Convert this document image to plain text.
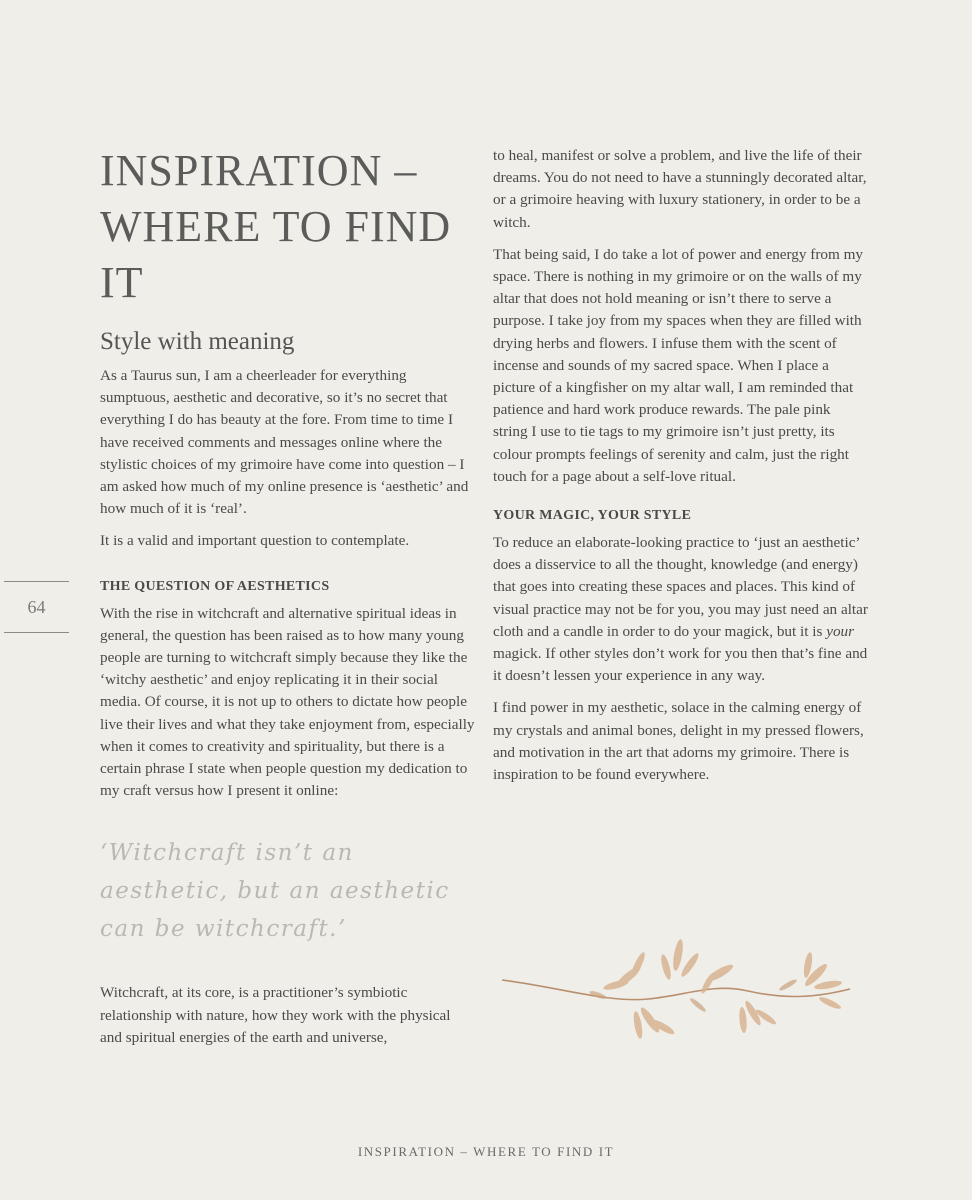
64
INSPIRATION – WHERE TO FIND IT
Style with meaning

As a Taurus sun, I am a cheerleader for everything sumptuous, aesthetic and decorative, so it’s no secret that everything I do has beauty at the fore. From time to time I have received comments and messages online where the stylistic choices of my grimoire have come into question – I am asked how much of my online presence is ‘aesthetic’ and how much of it is ‘real’.

It is a valid and important question to contemplate.

THE QUESTION OF AESTHETICS

With the rise in witchcraft and alternative spiritual ideas in general, the question has been raised as to how many young people are turning to witchcraft simply because they like the ‘witchy aesthetic’ and enjoy replicating it in their social media. Of course, it is not up to others to dictate how people live their lives and what they take enjoyment from, especially when it comes to creativity and spirituality, but there is a certain phrase I state when people question my dedication to my craft versus how I present it online:

‘Witchcraft isn’t an aesthetic, but an aesthetic can be witchcraft.’

Witchcraft, at its core, is a practitioner’s symbiotic relationship with nature, how they work with the physical and spiritual energies of the earth and universe,

to heal, manifest or solve a problem, and live the life of their dreams. You do not need to have a stunningly decorated altar, or a grimoire heaving with luxury stationery, in order to be a witch.

That being said, I do take a lot of power and energy from my space. There is nothing in my grimoire or on the walls of my altar that does not hold meaning or isn’t there to serve a purpose. I take joy from my spaces when they are filled with drying herbs and flowers. I infuse them with the scent of incense and sounds of my sacred space. When I place a picture of a kingfisher on my altar wall, I am reminded that patience and hard work produce rewards. The pale pink string I use to tie tags to my grimoire isn’t just pretty, its colour prompts feelings of serenity and calm, just the right touch for a page about a self-love ritual.

YOUR MAGIC, YOUR STYLE

To reduce an elaborate-looking practice to ‘just an aesthetic’ does a disservice to all the thought, knowledge (and energy) that goes into creating these spaces and places. This kind of visual practice may not be for you, you may just need an altar cloth and a candle in order to do your magick, but it is your magick. If other styles don’t work for you then that’s fine and it doesn’t lessen your experience in any way.

I find power in my aesthetic, solace in the calming energy of my crystals and animal bones, delight in my pressed flowers, and motivation in the art that adorns my grimoire. There is inspiration to be found everywhere.

INSPIRATION – WHERE TO FIND IT
